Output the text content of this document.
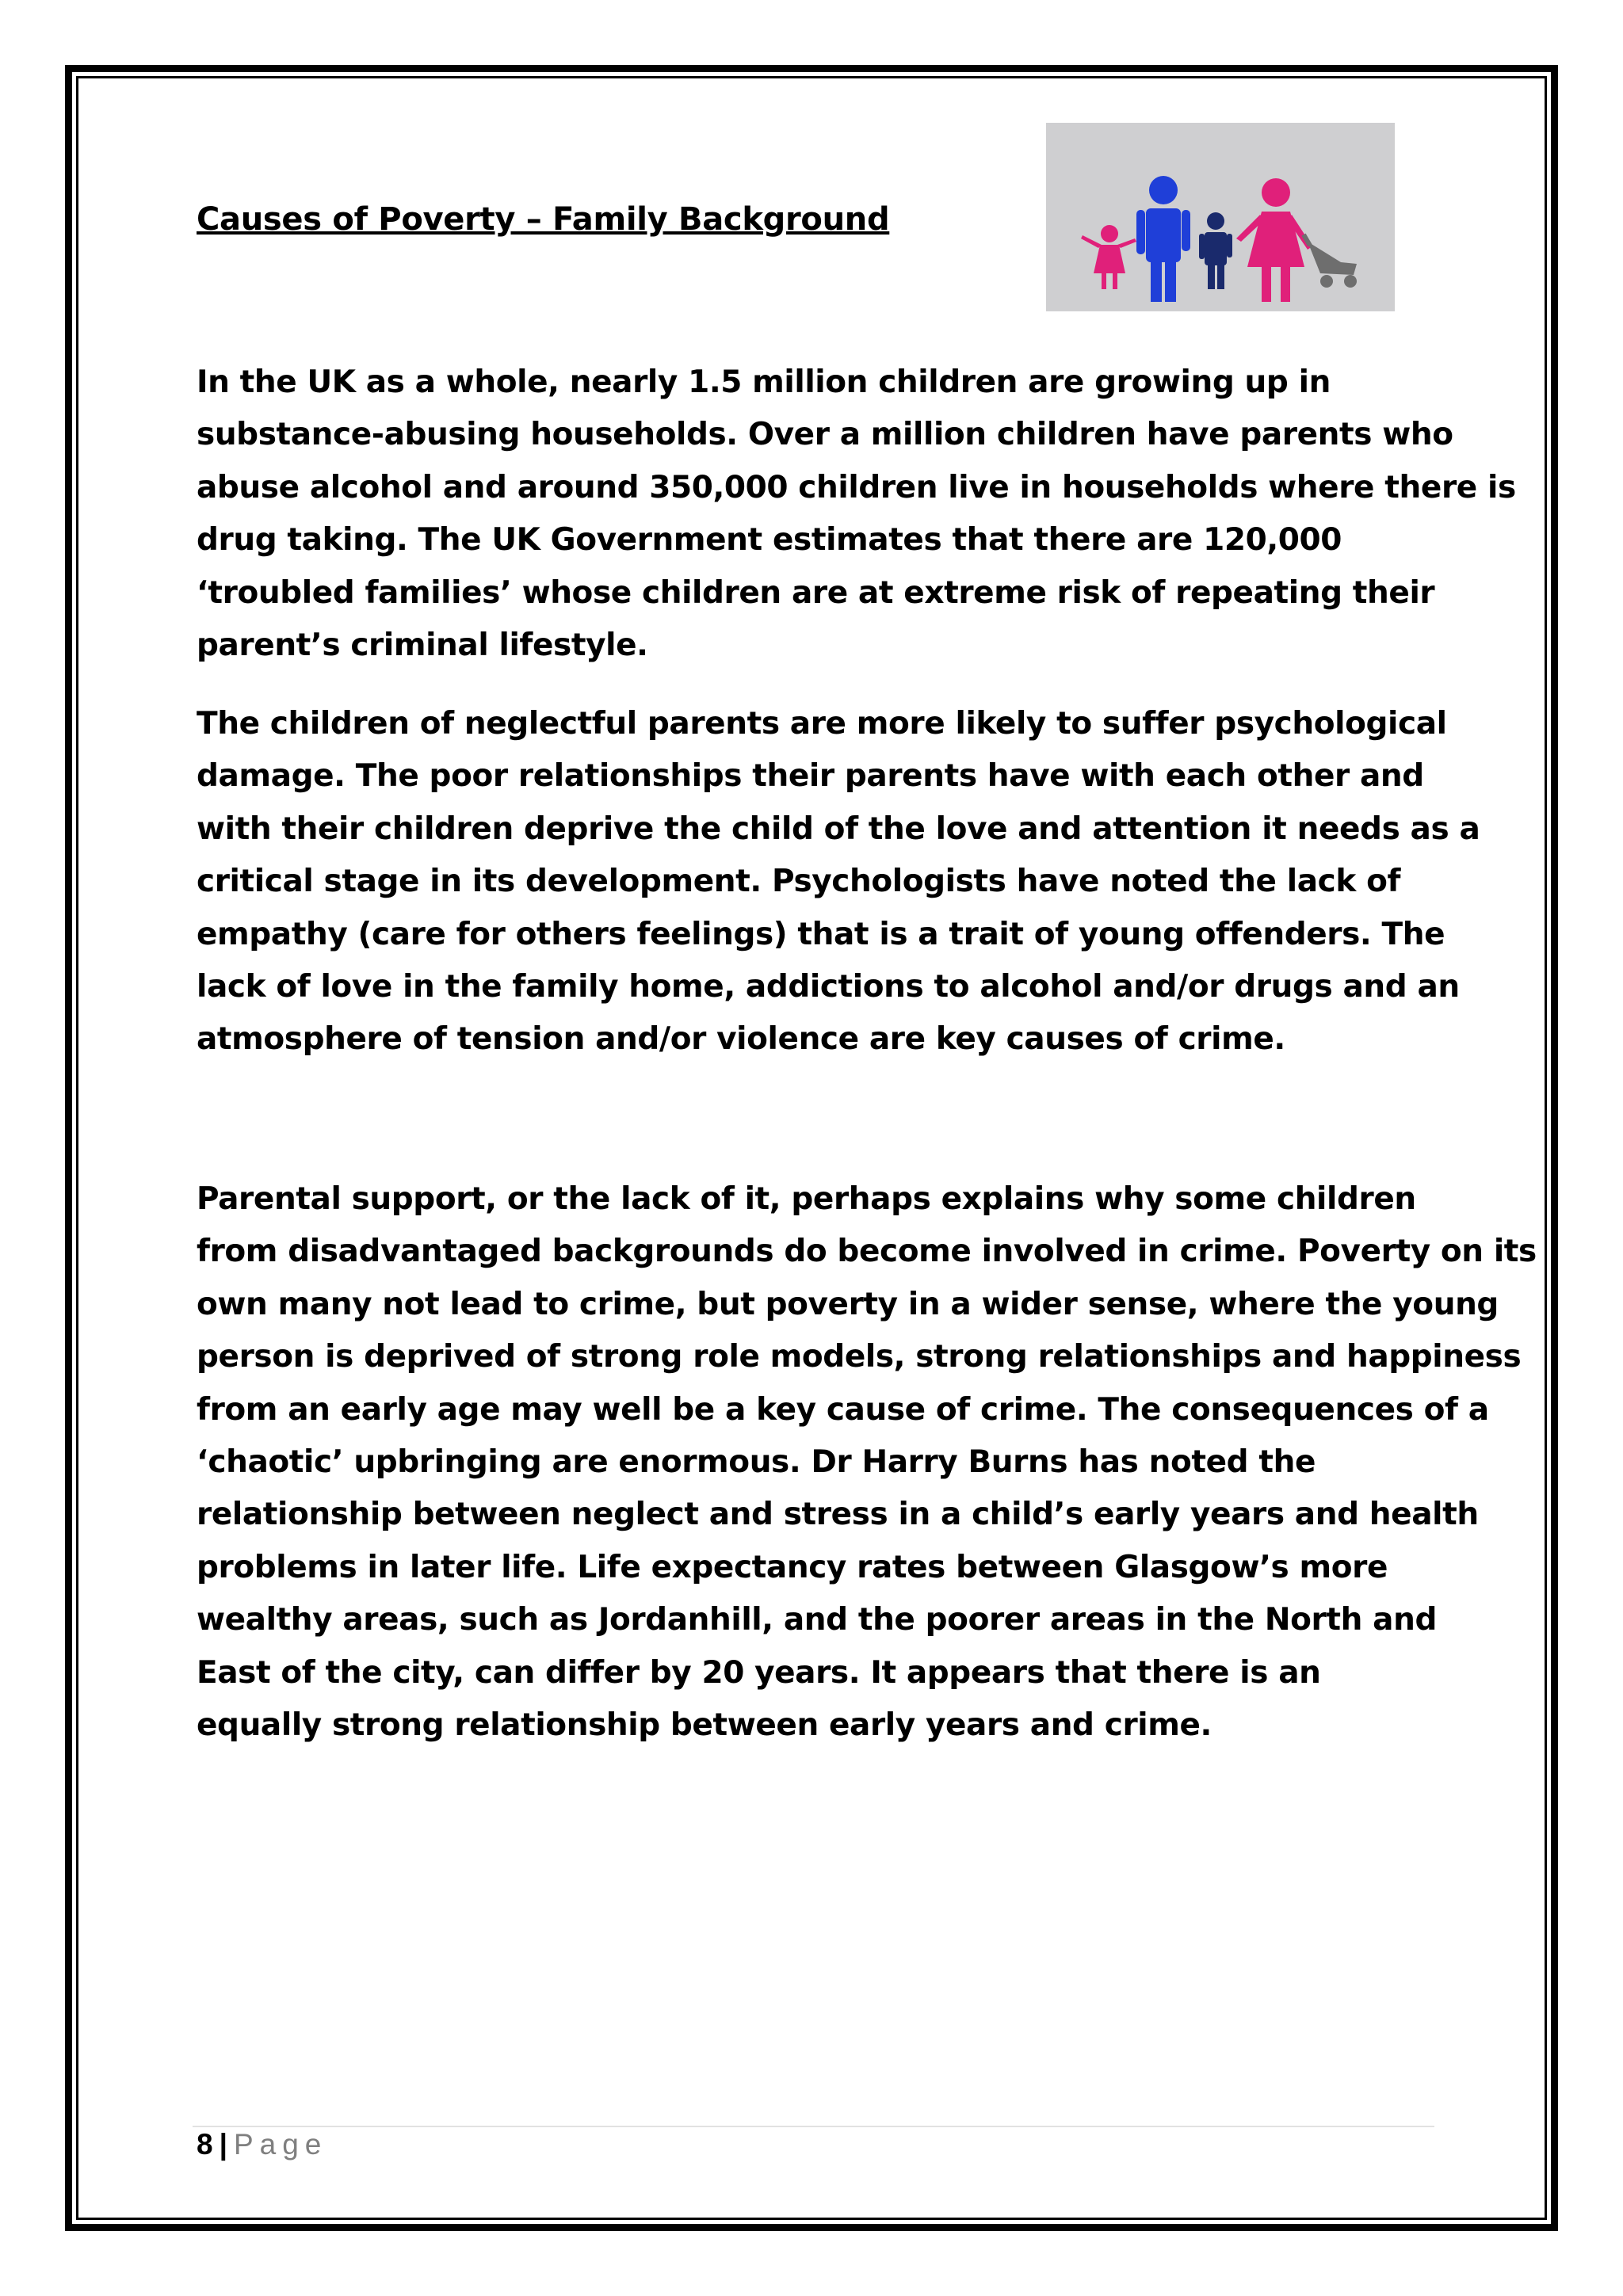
Causes of Poverty – Family Background
In the UK as a whole, nearly 1.5 million children are growing up in
substance-abusing households. Over a million children have parents who
abuse alcohol and around 350,000 children live in households where there is
drug taking. The UK Government estimates that there are 120,000
‘troubled families’ whose children are at extreme risk of repeating their
parent’s criminal lifestyle.
The children of neglectful parents are more likely to suffer psychological
damage. The poor relationships their parents have with each other and
with their children deprive the child of the love and attention it needs as a
critical stage in its development. Psychologists have noted the lack of
empathy (care for others feelings) that is a trait of young offenders. The
lack of love in the family home, addictions to alcohol and/or drugs and an
atmosphere of tension and/or violence are key causes of crime.
Parental support, or the lack of it, perhaps explains why some children
from disadvantaged backgrounds do become involved in crime. Poverty on its
own many not lead to crime, but poverty in a wider sense, where the young
person is deprived of strong role models, strong relationships and happiness
from an early age may well be a key cause of crime. The consequences of a
‘chaotic’ upbringing are enormous. Dr Harry Burns has noted the
relationship between neglect and stress in a child’s early years and health
problems in later life. Life expectancy rates between Glasgow’s more
wealthy areas, such as Jordanhill, and the poorer areas in the North and
East of the city, can differ by 20 years. It appears that there is an
equally strong relationship between early years and crime.
8 | Page
